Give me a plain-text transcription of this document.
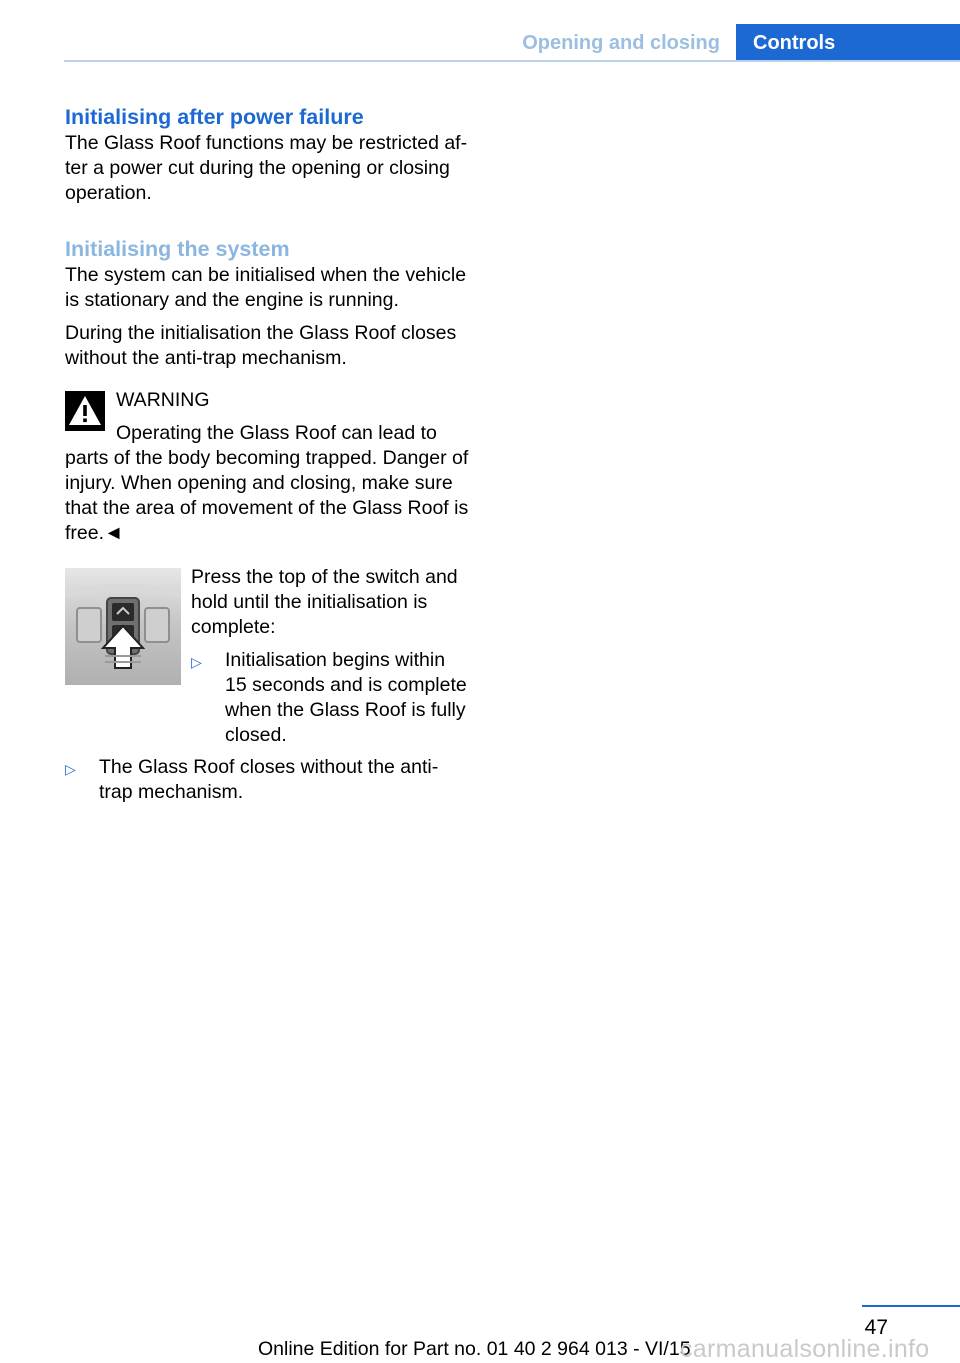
Opening and closing	Controls
Initialising after power failure

The Glass Roof functions may be restricted af-

ter a power cut during the opening or closing

operation.

Initialising the system

The system can be initialised when the vehicle

is stationary and the engine is running.

During the initialisation the Glass Roof closes

without the anti-trap mechanism.

WARNING
Operating the Glass Roof can lead to

parts of the body becoming trapped. Danger of

injury. When opening and closing, make sure

that the area of movement of the Glass Roof is

free.◄

Press the top of the switch and

hold until the initialisation is

complete:

▷ Initialisation begins within
15 seconds and is complete
when the Glass Roof is fully
closed.
▷ The Glass Roof closes without the anti-
trap mechanism.
47
Online Edition for Part no. 01 40 2 964 013 - VI/15
carmanualsonline.info
